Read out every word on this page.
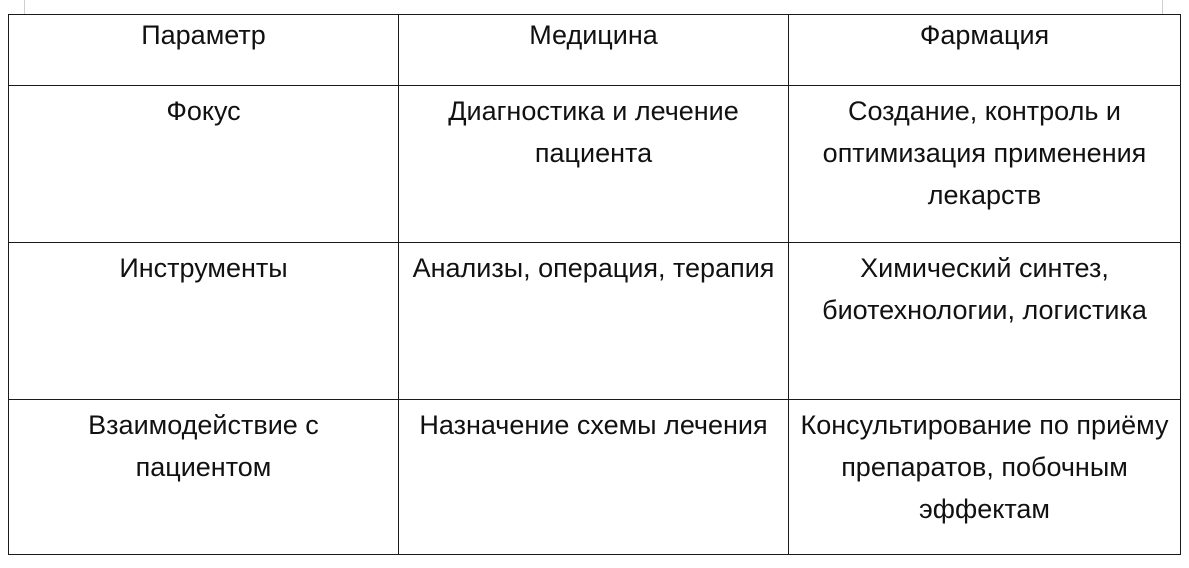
Параметр	Медицина	Фармация
Фокус	Диагностика и лечение пациента	Создание, контроль и оптимизация применения лекарств
Инструменты	Анализы, операция, терапия	Химический синтез, биотехнологии, логистика
Взаимодействие с пациентом	Назначение схемы лечения	Консультирование по приёму препаратов, побочным эффектам
